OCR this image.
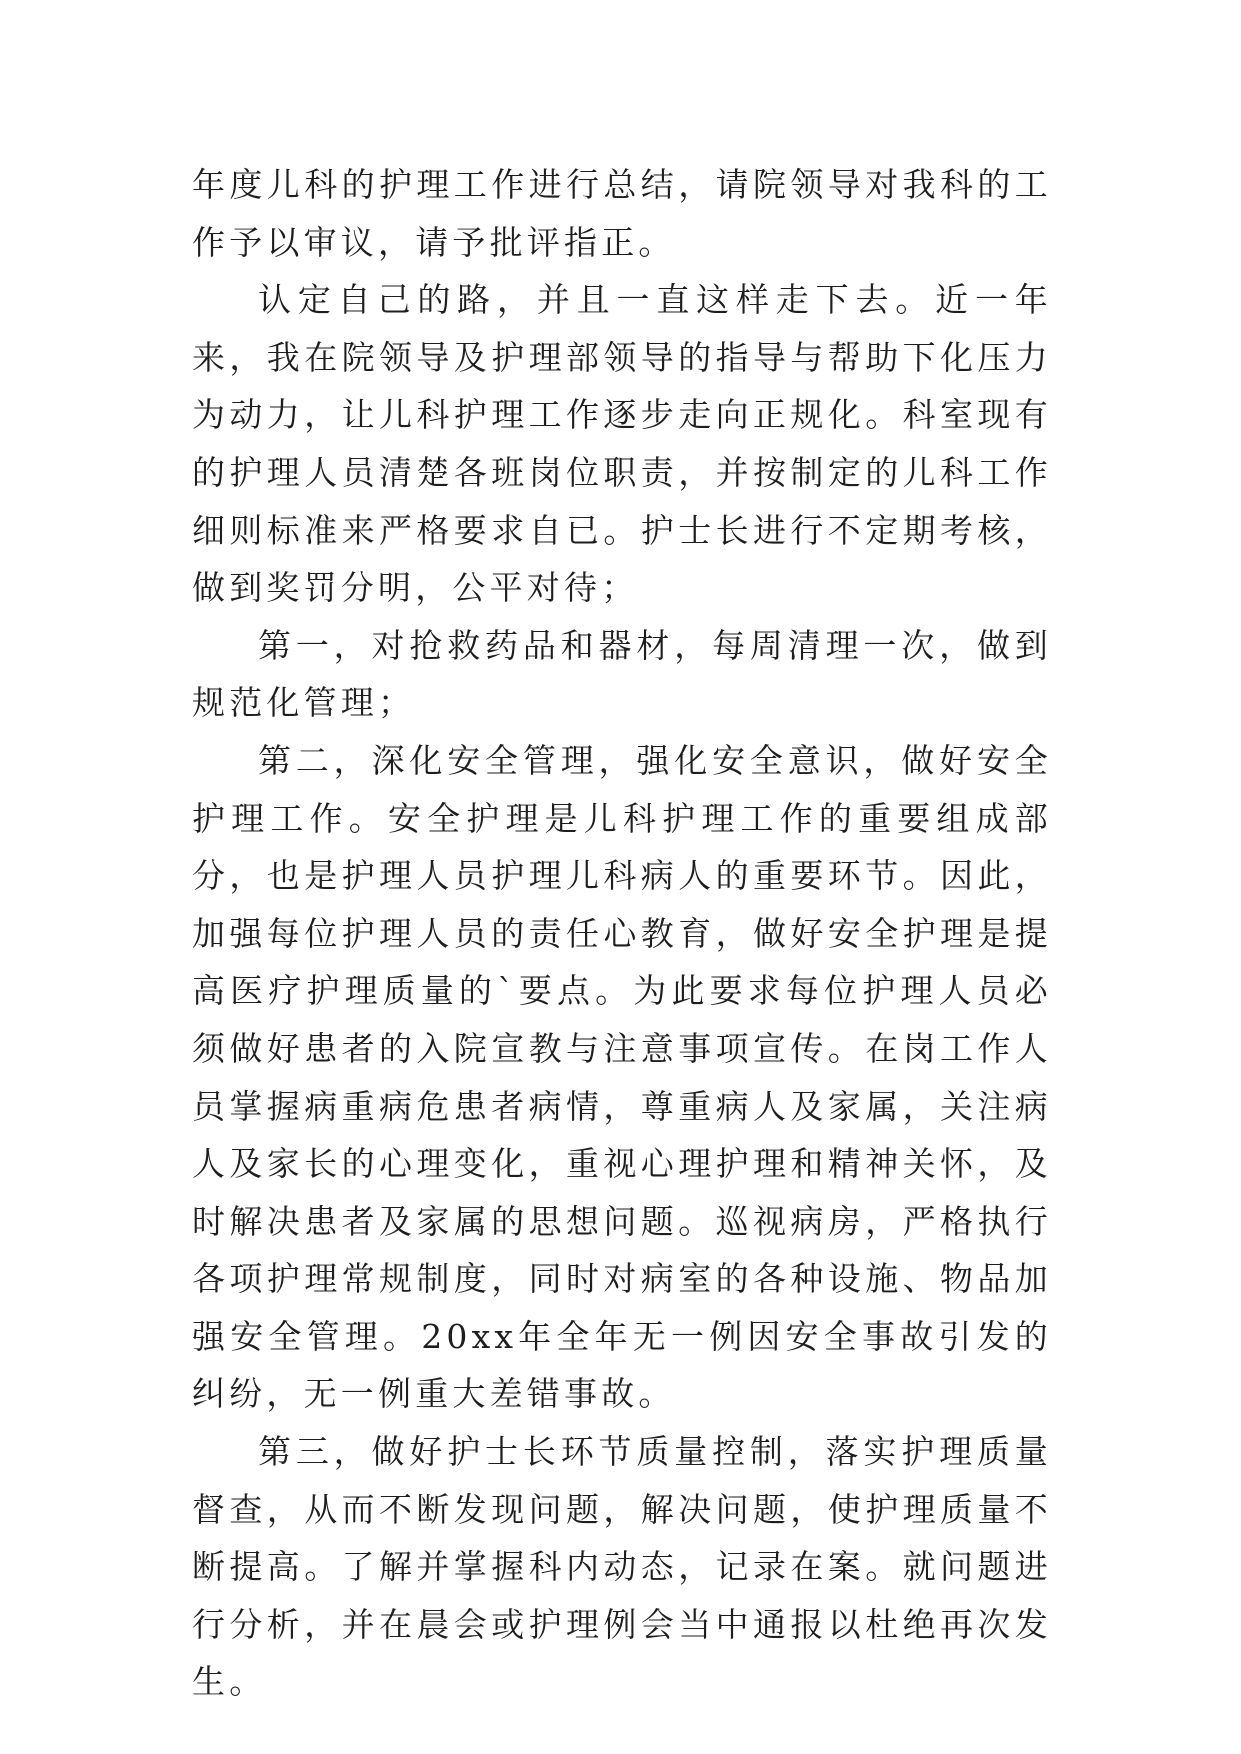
年度儿科的护理工作进行总结，请院领导对我科的工作予以审议，请予批评指正。

认定自己的路，并且一直这样走下去。近一年来，我在院领导及护理部领导的指导与帮助下化压力为动力，让儿科护理工作逐步走向正规化。科室现有的护理人员清楚各班岗位职责，并按制定的儿科工作细则标准来严格要求自已。护士长进行不定期考核，做到奖罚分明，公平对待；

第一，对抢救药品和器材，每周清理一次，做到规范化管理；

第二，深化安全管理，强化安全意识，做好安全护理工作。安全护理是儿科护理工作的重要组成部分，也是护理人员护理儿科病人的重要环节。因此，加强每位护理人员的责任心教育，做好安全护理是提高医疗护理质量的`要点。为此要求每位护理人员必须做好患者的入院宣教与注意事项宣传。在岗工作人员掌握病重病危患者病情，尊重病人及家属，关注病人及家长的心理变化，重视心理护理和精神关怀，及时解决患者及家属的思想问题。巡视病房，严格执行各项护理常规制度，同时对病室的各种设施、物品加强安全管理。20xx年全年无一例因安全事故引发的纠纷，无一例重大差错事故。

第三，做好护士长环节质量控制，落实护理质量督查，从而不断发现问题，解决问题，使护理质量不断提高。了解并掌握科内动态，记录在案。就问题进行分析，并在晨会或护理例会当中通报以杜绝再次发生。
